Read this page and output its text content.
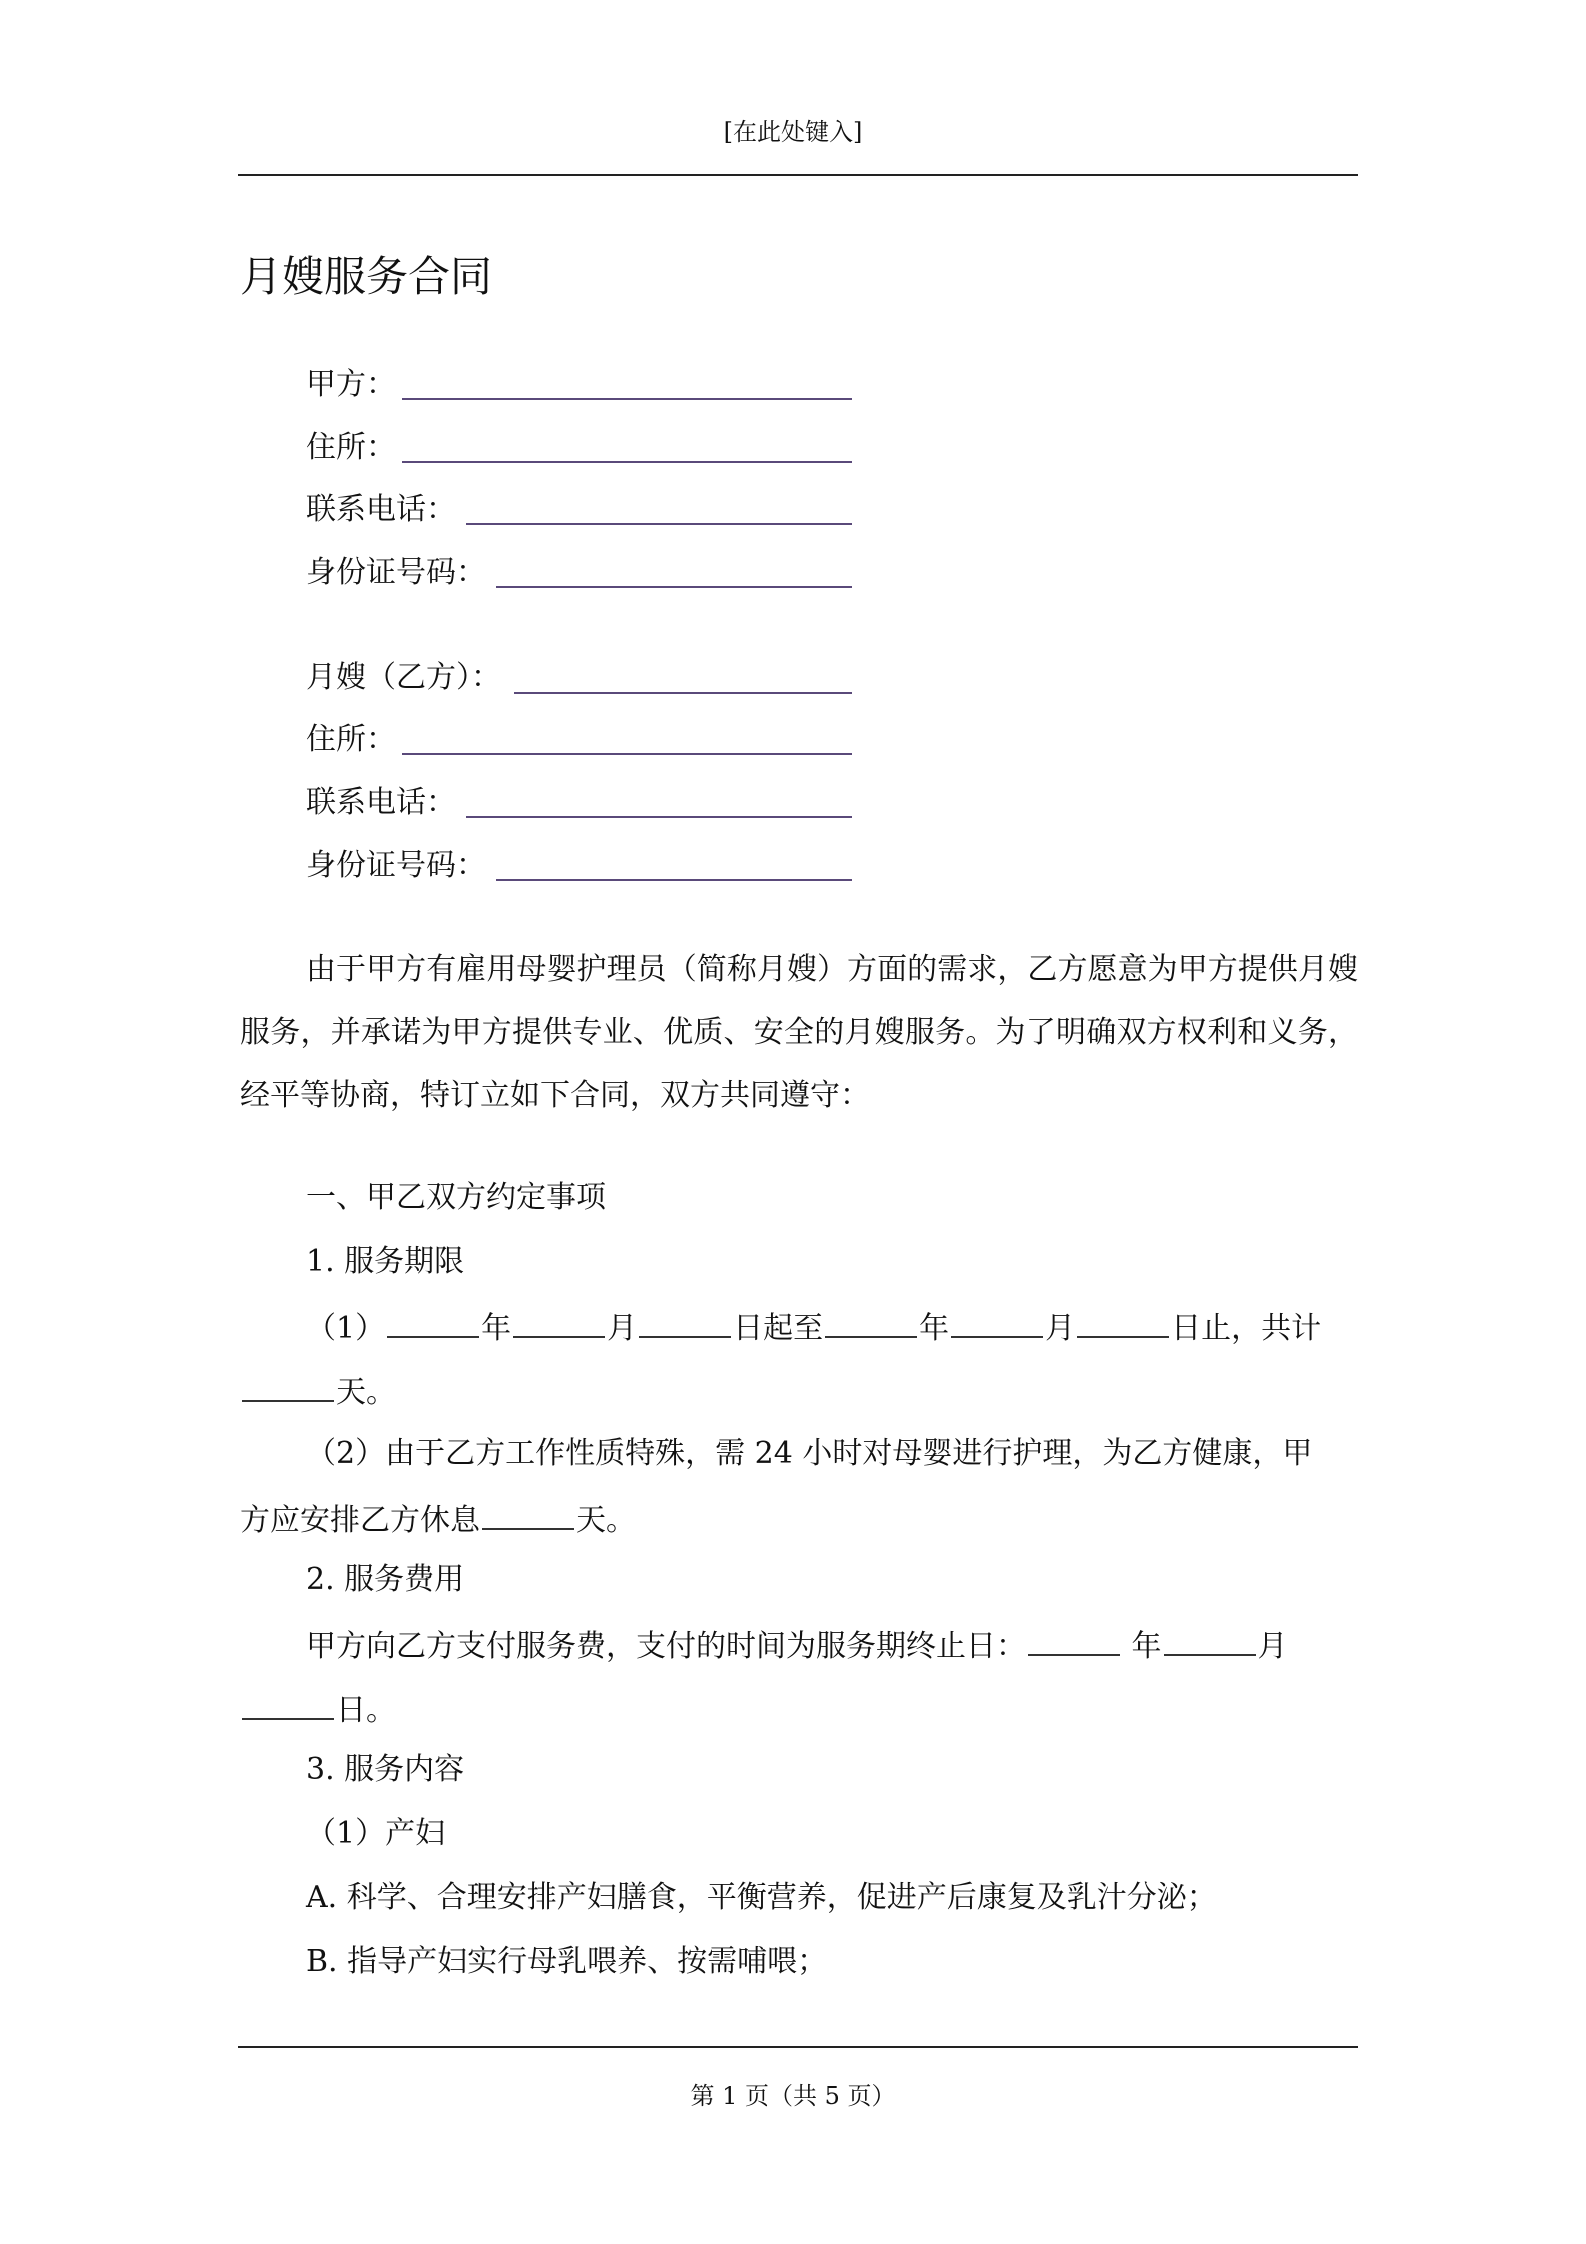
[在此处键入]
月嫂服务合同
甲方：
住所：
联系电话：
身份证号码：
月嫂（乙方）：
住所：
联系电话：
身份证号码：
由于甲方有雇用母婴护理员（简称月嫂）方面的需求，乙方愿意为甲方提供月嫂服务，并承诺为甲方提供专业、优质、安全的月嫂服务。为了明确双方权利和义务，经平等协商，特订立如下合同，双方共同遵守：
一、甲乙双方约定事项
1. 服务期限
（1）	年	月	日起至	年	月	日止，共计
天。
（2）由于乙方工作性质特殊，需 24 小时对母婴进行护理，为乙方健康，甲
方应安排乙方休息	天。
2. 服务费用
甲方向乙方支付服务费，支付的时间为服务期终止日：	年	月
日。
3. 服务内容
（1）产妇
A. 科学、合理安排产妇膳食，平衡营养，促进产后康复及乳汁分泌；
B. 指导产妇实行母乳喂养、按需哺喂；
第 1 页（共 5 页）
